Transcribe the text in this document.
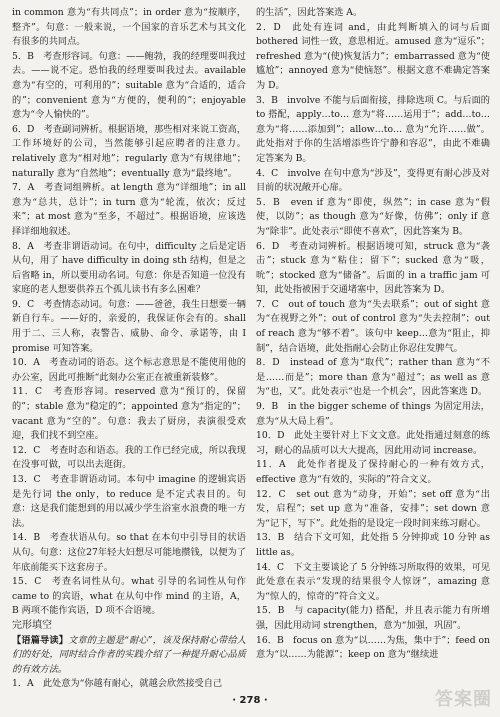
in common 意为“有共同点”；in order 意为“按顺序，整齐”。句意：一般来说，一个国家的音乐艺术与其文化有很多的共同点。

5．B　考查形容词。句意：——鲍勃，我的经理要叫我过去。——说不定。恐怕我的经理要叫我过去。available 意为“有空的，可利用的”；suitable 意为“合适的，适合的”；convenient 意为“方便的，便利的”；enjoyable 意为“令人愉快的”。

6．D　考查副词辨析。根据语境，那些相对来说工资高，工作环境好的公司，当然能够引起应聘者的注意力。relatively 意为“相对地”；regularly 意为“有规律地”；naturally 意为“自然地”；eventually 意为“最终地”。

7．A　考查词组辨析。at length 意为“详细地”；in all 意为“总共，总计”；in turn 意为“轮流，依次；反过来”；at most 意为“至多，不超过”。根据语境，应该选择详细地叙述。

8．A　考查非谓语动词。在句中，difficulty 之后是定语从句，用了 have difficulty in doing sth 结构，但是之后省略 in，所以要用动名词。句意：你是否知道一位没有家庭的老人想要供养五个孤儿读书有多么困难？

9．C　考查情态动词。句意：——爸爸，我生日想要一辆新自行车。——好的，亲爱的，我保证你会有的。shall 用于二、三人称，表警告、威胁、命令、承诺等，由 I promise 可知答案。

10．A　考查动词的语态。这个标志意思是不能使用他的办公室，因此可推断“此刻办公室正在被重新装修”。

11．C　考查形容词。reserved 意为“预订的，保留的”；stable 意为“稳定的”；appointed 意为“指定的”；vacant 意为“空的”。句意：我去了厨房，表演很受欢迎，我们找不到空座。

12．C　考查时态和语态。我的工作已经完成，所以我现在没事可做，可以出去逛街。

13．C　考查非谓语动词。本句中 imagine 的逻辑宾语是先行词 the only，to reduce 是不定式表目的。句意：这是我们能想到的用以减少学生浴室水浪费的唯一方法。

14．B　考查状语从句。so that 在本句中引导目的状语从句。句意：这位27年轻大妇想尽可能地攒钱，以便为了年底前能买下这套房子。

15．C　考查名词性从句。what 引导的名词性从句作 came to 的宾语，what 在从句中作 mind 的主语，A，B 两项不能作宾语，D 项不合语境。

完形填空

【语篇导读】文章的主题是“耐心”，该及保持耐心带给人们的好处，同时结合作者的实践介绍了一种提升耐心品质的有效方法。

1．A　此处意为“你越有耐心，就越会欣然接受自己

的生活”，因此答案选 A。

2．D　此处有连词 and，由此判断填入的词与后面 bothered 词性一致，意思相近。amused 意为“逗乐”；refreshed 意为“(使)恢复活力”；embarrassed 意为“使尴尬”；annoyed 意为“使恼怒”。根据文意不难确定答案为 D。

3．B　involve 不能与后面衔接，排除选项 C。与后面的 to 搭配，apply…to… 意为“将……运用于”；add…to… 意为“将……添加到”；allow…to… 意为“允许……做”。此处指对于你的生活增添些许宁静和容忍”，由此不难确定答案为 B。

4．C　involve 在句中意为“涉及”，变得更有耐心涉及对目前的状况敞开心扉。

5．B　even if 意为“即使，纵然”；in case 意为“假使，以防”；as though 意为“好像，仿佛”；only if 意为“除非”。此处表示“即使不喜欢”，因此答案为 B。

6．D　考查动词辨析。根据语境可知，struck 意为“袭击”；stuck 意为“粘住；留下”；sucked 意为“吸，吮”；stocked 意为“储备”。后面的 in a traffic jam 可知，此处指被困于交通堵塞中，因此答案为 D。

7．C　out of touch 意为“失去联系”；out of sight 意为“在视野之外”；out of control 意为“失去控制”；out of reach 意为“够不着”。该句中 keep…意为“阻止，抑制”，结合语境，此处指耐心会防止你忍住发脾气。

8．D　instead of 意为“取代”；rather than 意为“不是……而是”；more than 意为“超过”；as well as 意为“也，又”。此处表示“也是一个机会”，因此答案选 D。

9．B　in the bigger scheme of things 为固定用法，意为“从大局上看”。

10．D　此处主要针对上下文文意。此处指通过刻意的练习，耐心的品质可以大大提高，因此用动词 increase。

11．A　此处作者提及了保持耐心的一种有效方式，effective 意为“有效的，实际的”符合文义。

12．C　set out 意为“动身，开始”；set off 意为“出发，启程”；set up 意为“准备，安排”；set down 意为“记下，写下”。此处指的是设定一段时间来练习耐心。

13．B　结合下文可知，此处指 5 分钟抑或 10 分钟 as little as。

14．C　下文主要谈论了 5 分钟练习所取得的效果，可见此处意在表示“发现的结果很令人惊讶”，amazing 意为“惊人的，惊奇的”符合文义。

15．B　与 capacity(能力) 搭配，并且表示能力有所增强，因此用动词 strengthen，意为“加强，巩固”。

16．B　focus on 意为“以……为焦，集中于”；feed on 意为“以……为能源”；keep on 意为“继续进

· 278 ·	答案圈
